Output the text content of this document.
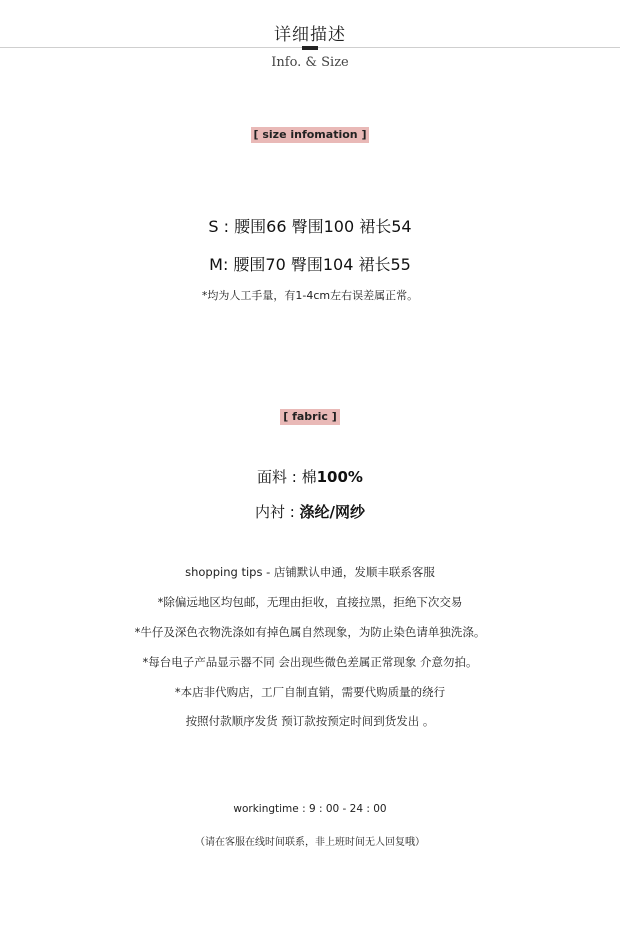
详细描述
Info. & Size
[ size infomation ]
S : 腰围66 臀围100 裙长54
M: 腰围70 臀围104 裙长55
*均为人工手量，有1-4cm左右误差属正常。
[ fabric ]
面料 : 棉100%
内衬 : 涤纶/网纱
shopping tips - 店铺默认申通，发顺丰联系客服
*除偏远地区均包邮，无理由拒收，直接拉黑，拒绝下次交易
*牛仔及深色衣物洗涤如有掉色属自然现象，为防止染色请单独洗涤。
*每台电子产品显示器不同 会出现些微色差属正常现象 介意勿拍。
*本店非代购店，工厂自制直销，需要代购质量的绕行
按照付款顺序发货 预订款按预定时间到货发出 。
workingtime : 9 : 00 - 24 : 00
（请在客服在线时间联系，非上班时间无人回复哦）
